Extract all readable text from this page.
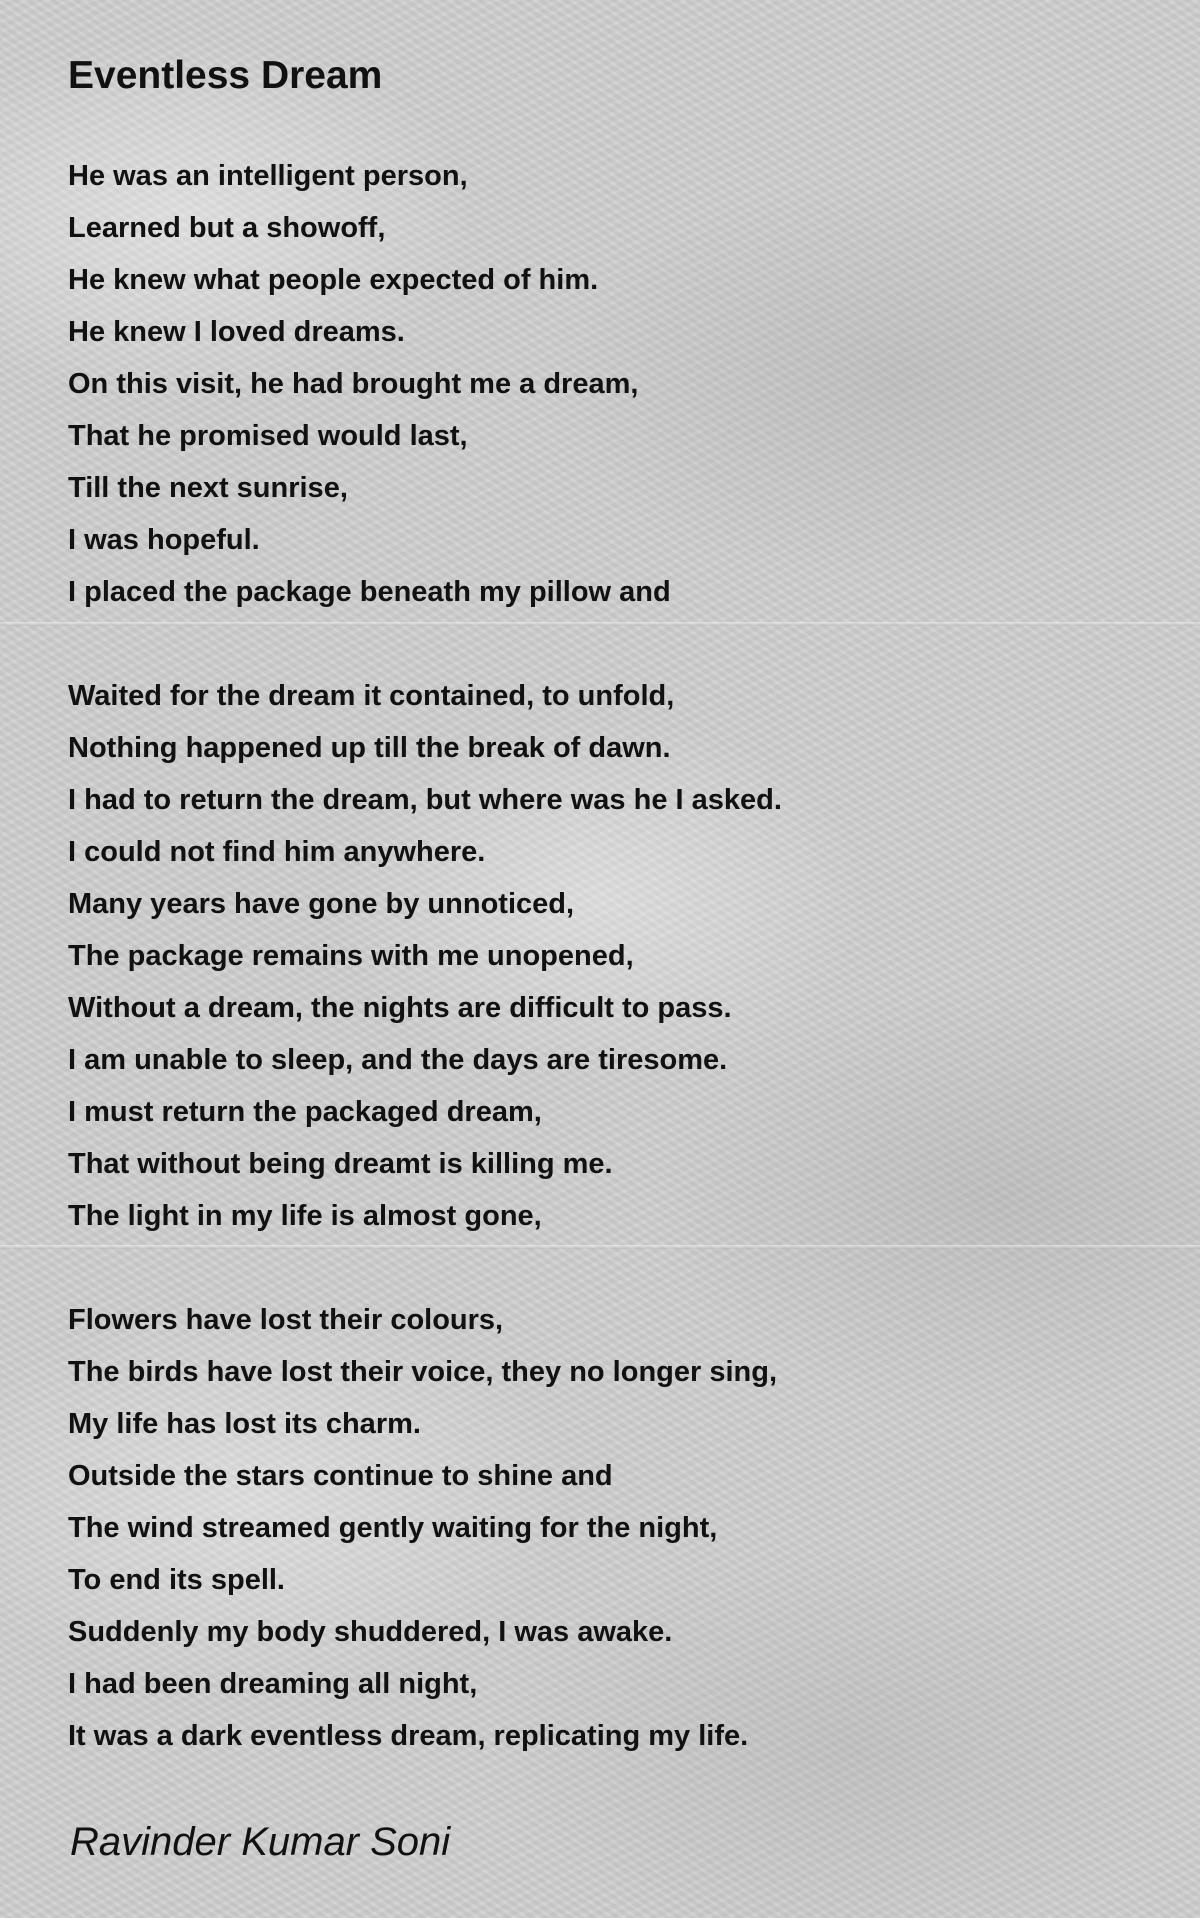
Eventless Dream
He was an intelligent person,
Learned but a showoff,
He knew what people expected of him.
He knew I loved dreams.
On this visit, he had brought me a dream,
That he promised would last,
Till the next sunrise,
I was hopeful.
I placed the package beneath my pillow and
Waited for the dream it contained, to unfold,
Nothing happened up till the break of dawn.
I had to return the dream, but where was he I asked.
I could not find him anywhere.
Many years have gone by unnoticed,
The package remains with me unopened,
Without a dream, the nights are difficult to pass.
I am unable to sleep, and the days are tiresome.
I must return the packaged dream,
That without being dreamt is killing me.
The light in my life is almost gone,
Flowers have lost their colours,
The birds have lost their voice, they no longer sing,
My life has lost its charm.
Outside the stars continue to shine and
The wind streamed gently waiting for the night,
To end its spell.
Suddenly my body shuddered, I was awake.
I had been dreaming all night,
It was a dark eventless dream, replicating my life.

Ravinder Kumar Soni
